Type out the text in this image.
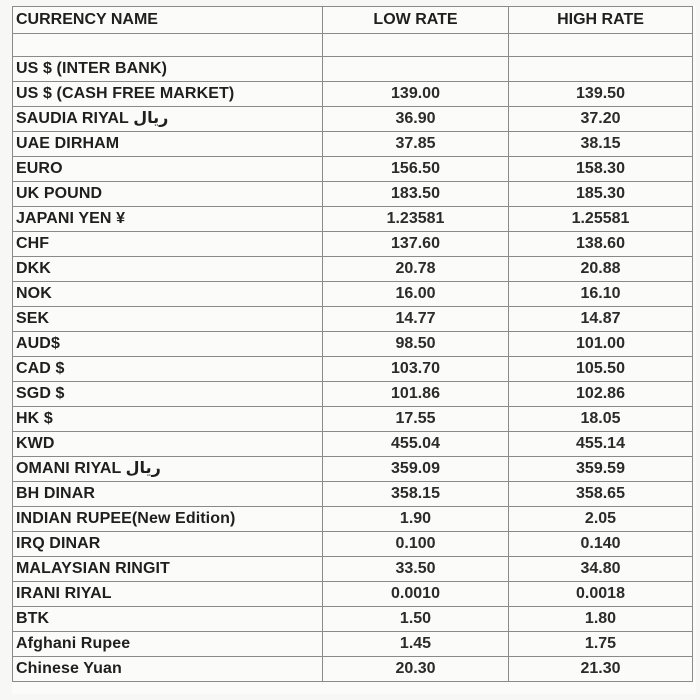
CURRENCY NAME	LOW RATE	HIGH RATE

US $ (INTER BANK)		
US $ (CASH FREE MARKET)	139.00	139.50
SAUDIA RIYAL ریال	36.90	37.20
UAE DIRHAM	37.85	38.15
EURO	156.50	158.30
UK POUND	183.50	185.30
JAPANI YEN ¥	1.23581	1.25581
CHF	137.60	138.60
DKK	20.78	20.88
NOK	16.00	16.10
SEK	14.77	14.87
AUD$	98.50	101.00
CAD $	103.70	105.50
SGD $	101.86	102.86
HK $	17.55	18.05
KWD	455.04	455.14
OMANI RIYAL ریال	359.09	359.59
BH DINAR	358.15	358.65
INDIAN RUPEE(New Edition)	1.90	2.05
IRQ DINAR	0.100	0.140
MALAYSIAN RINGIT	33.50	34.80
IRANI RIYAL	0.0010	0.0018
BTK	1.50	1.80
Afghani Rupee	1.45	1.75
Chinese Yuan	20.30	21.30
